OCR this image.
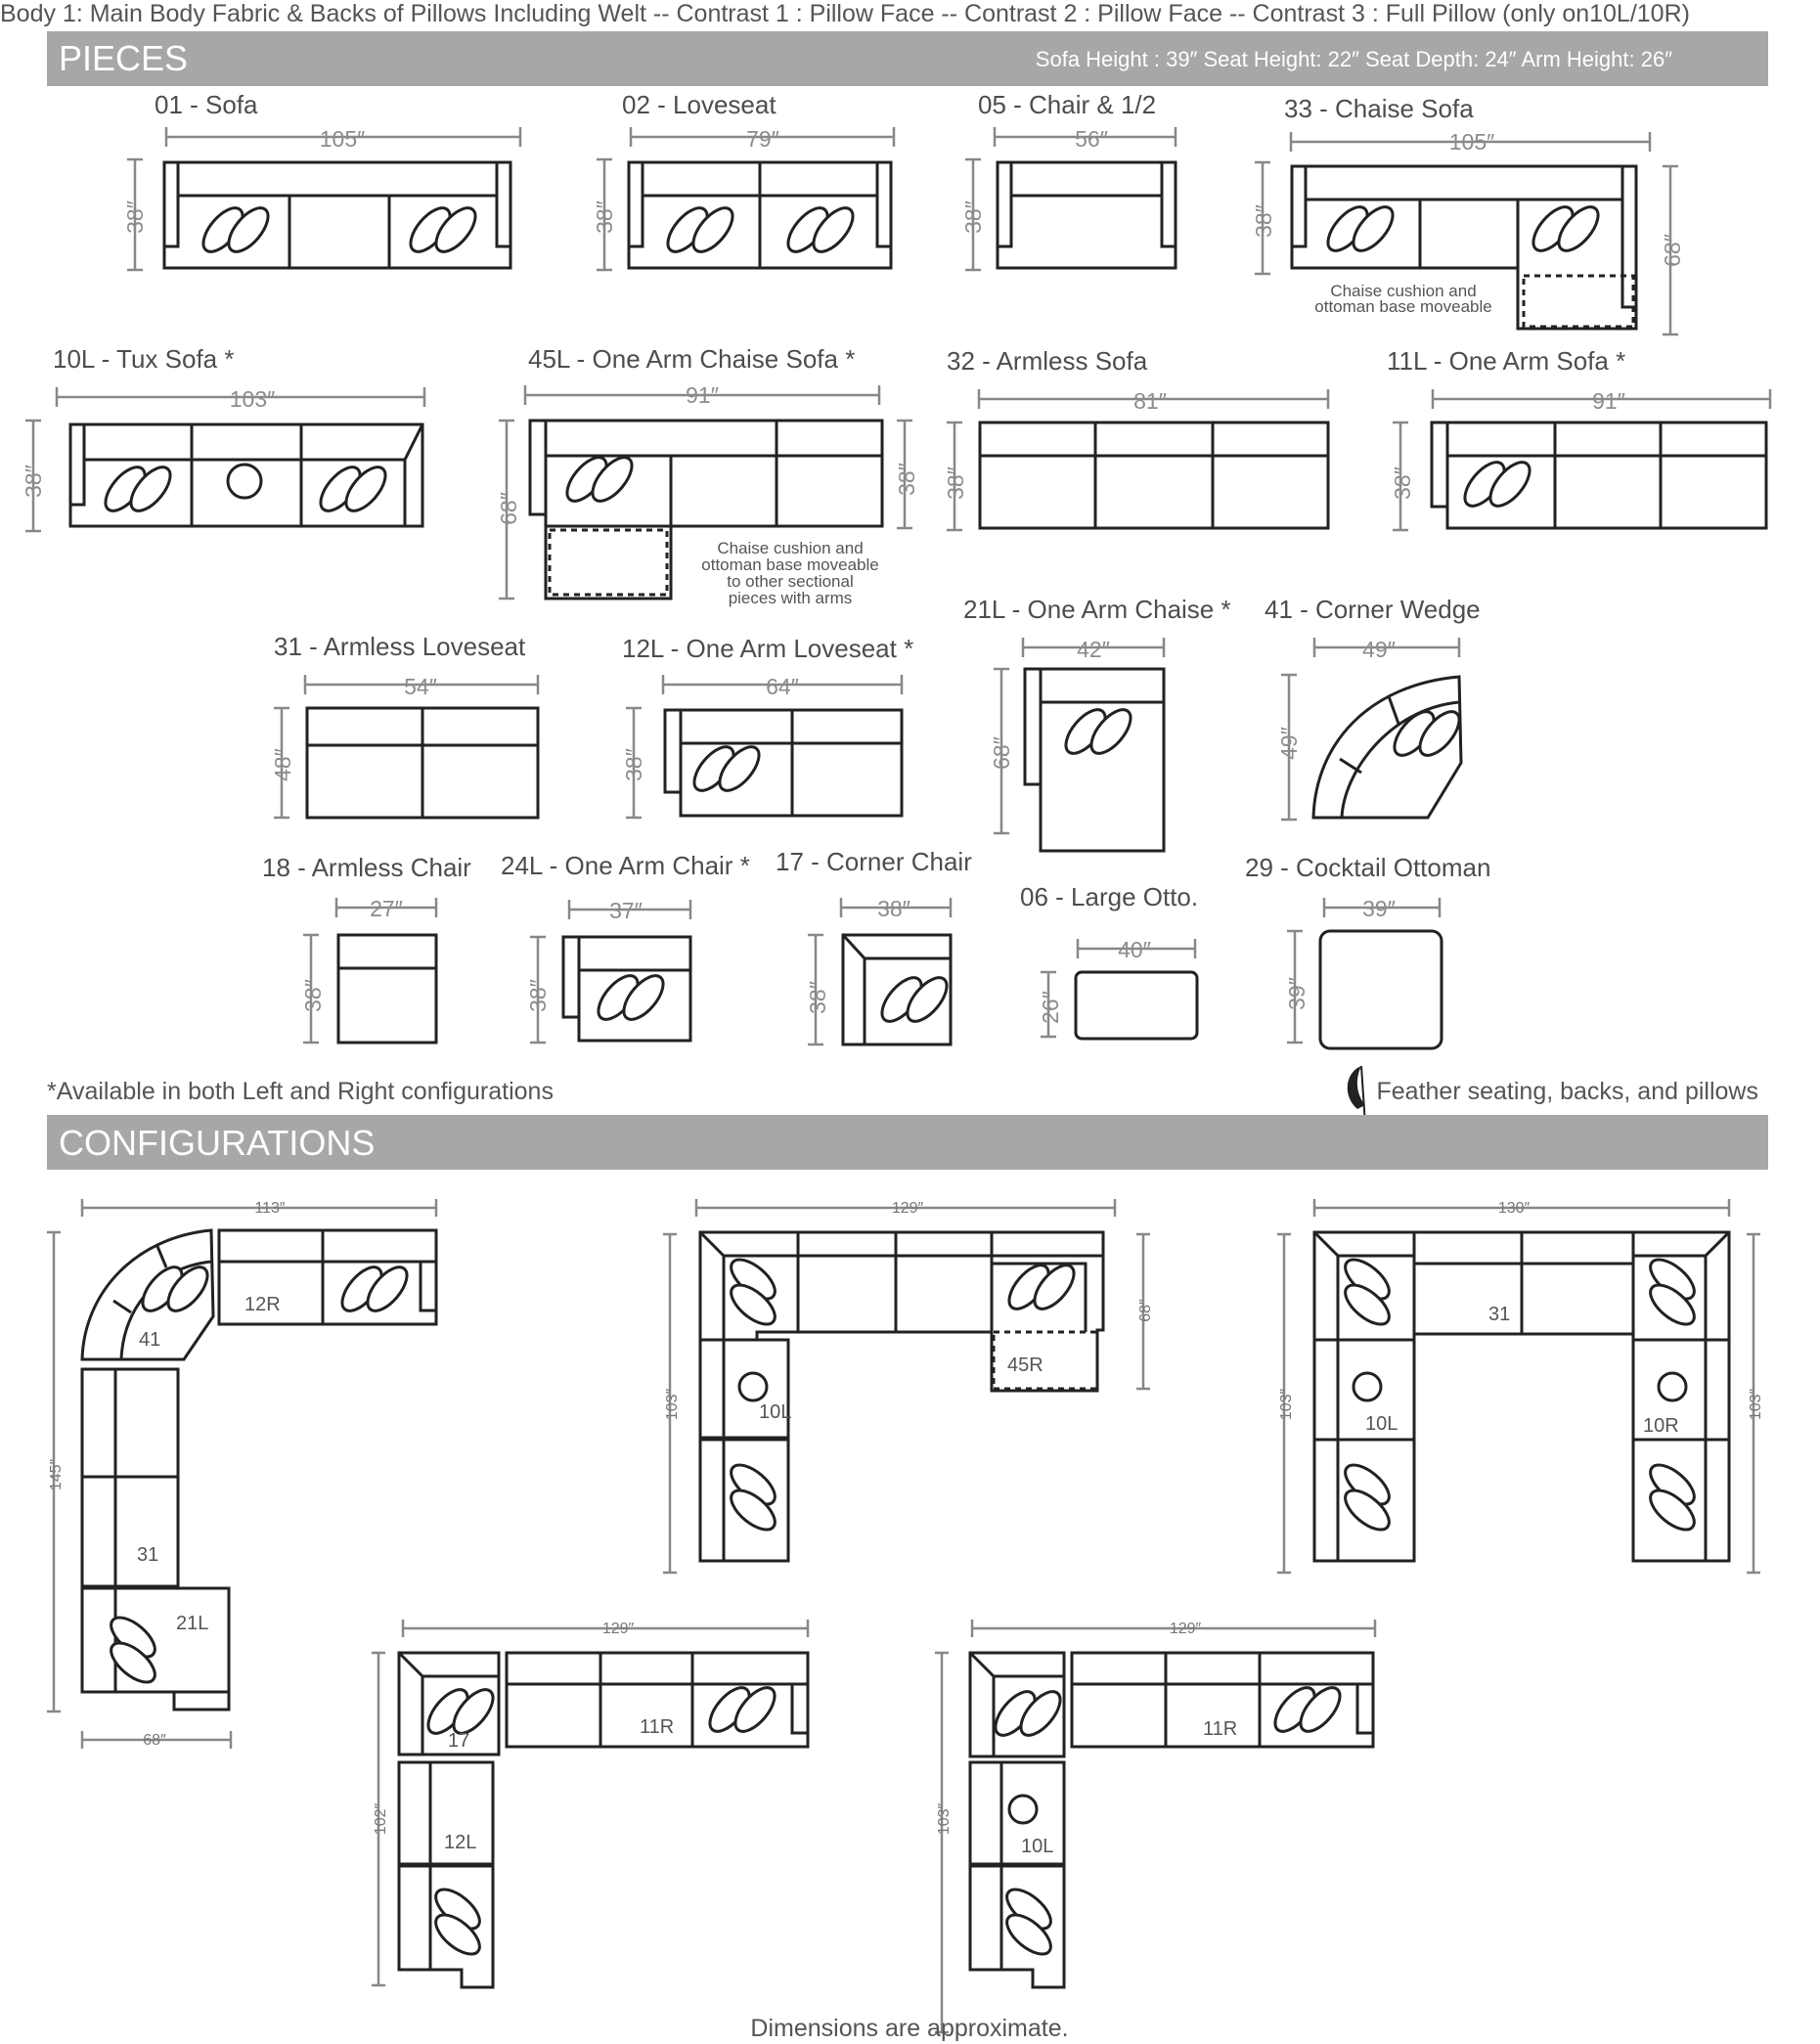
Body 1: Main Body Fabric & Backs of Pillows Including Welt -- Contrast 1 : Pillow Face -- Contrast 2 : Pillow Face -- Contrast 3 : Full Pillow (only on10L/10R)
PIECES	Sofa Height : 39″ Seat Height: 22″ Seat Depth: 24″ Arm Height: 26″
01 - Sofa
105″
38″
02 - Loveseat
79″
38″
05 - Chair & 1/2
56″
38″
33 - Chaise Sofa
105″
38″
68″
Chaise cushion and
ottoman base moveable
10L - Tux Sofa *
103″
38″
45L - One Arm Chaise Sofa *
91″
68″
38″
Chaise cushion and
ottoman base moveable
to other sectional
pieces with arms
32 - Armless Sofa
81″
38″
11L - One Arm Sofa *
91″
38″
31 - Armless Loveseat
54″
48″
12L - One Arm Loveseat *
64″
38″
21L - One Arm Chaise *
42″
68″
41 - Corner Wedge
49″
49″
18 - Armless Chair
27″
38″
24L - One Arm Chair *
37″
38″
17 - Corner Chair
38″
38″
06 - Large Otto.
40″
26″
29 - Cocktail Ottoman
39″
39″
*Available in both Left and Right configurations	Feather seating, backs, and pillows
CONFIGURATIONS
113″
145″
68″
41
12R
31
21L
129″
103″
68″
10L
45R
130″
103″	103″
31
10L	10R
129″
102″
17
11R
12L
129″
103″
11R
10L
Dimensions are approximate.
